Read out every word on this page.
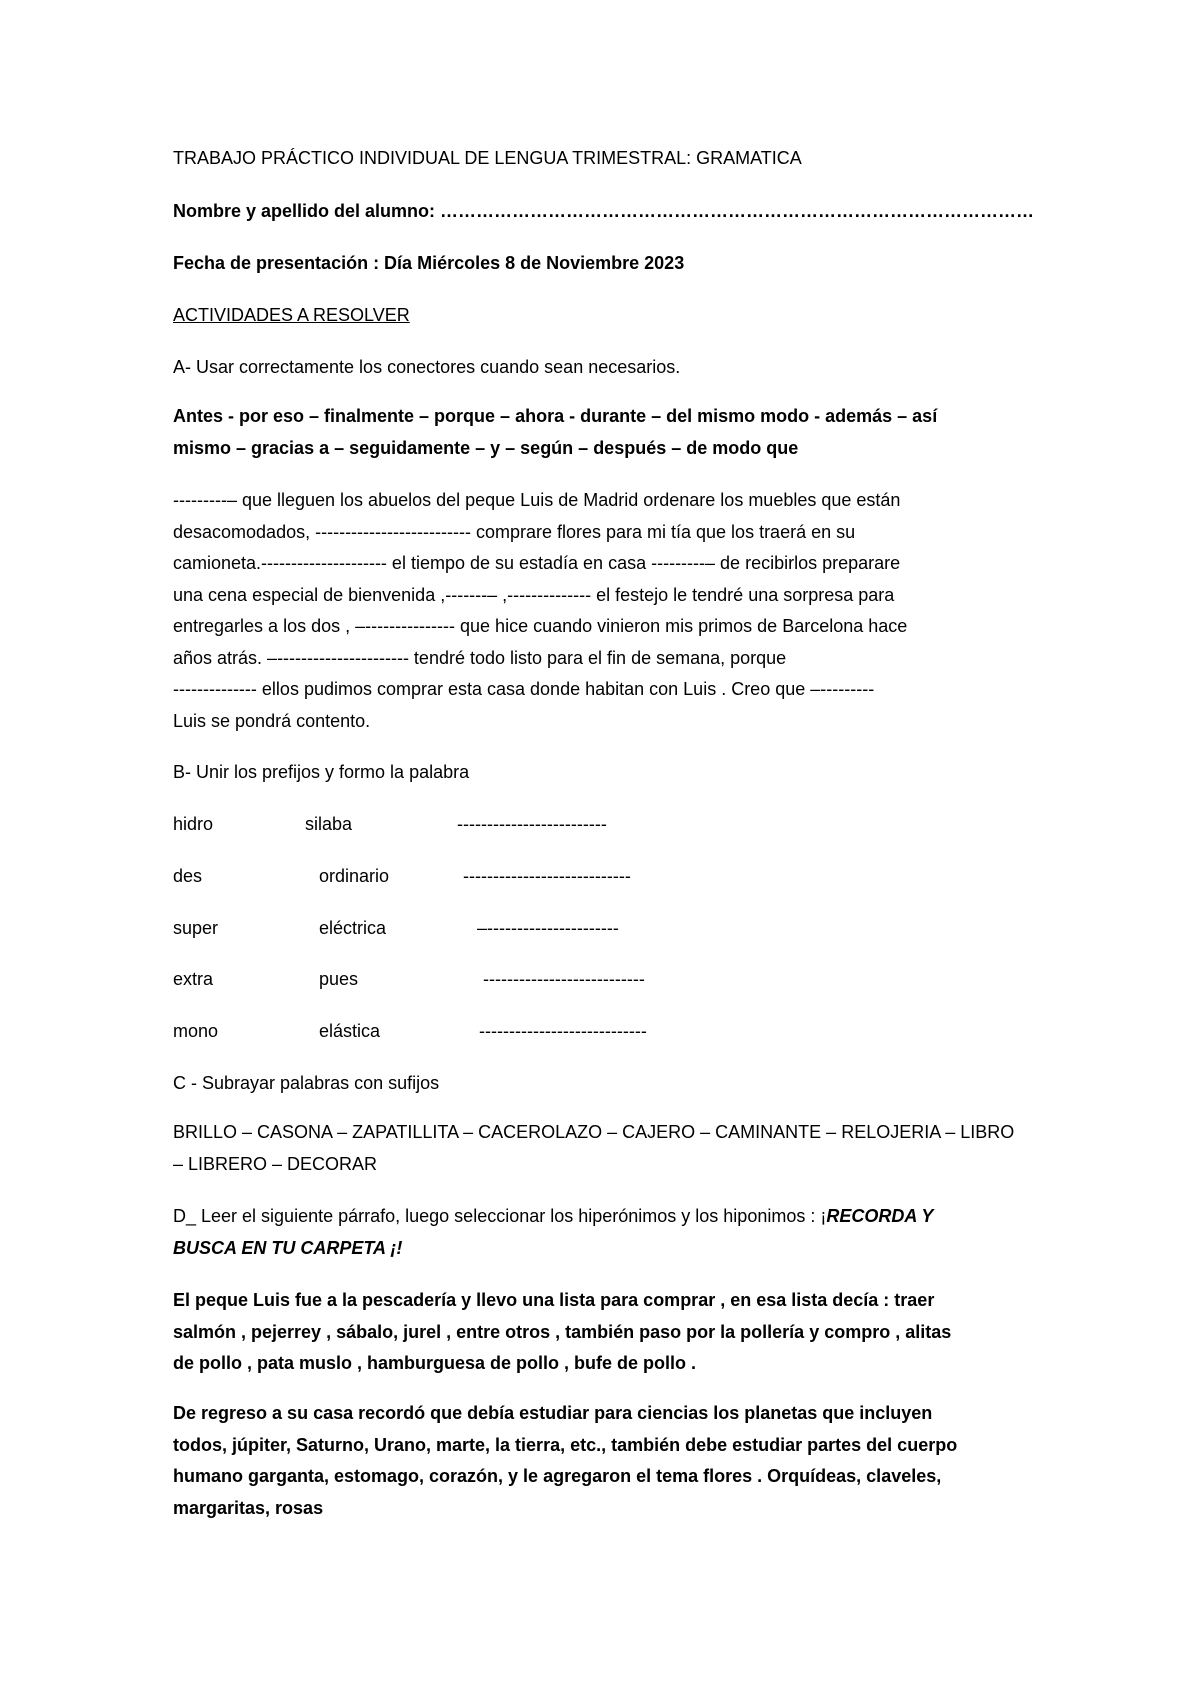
TRABAJO PRÁCTICO INDIVIDUAL DE LENGUA TRIMESTRAL: GRAMATICA
Nombre y apellido del alumno: ………………………………………………………………………………………
Fecha de presentación : Día Miércoles 8 de Noviembre 2023
ACTIVIDADES A RESOLVER
A- Usar correctamente los conectores cuando sean necesarios.
Antes - por eso – finalmente – porque – ahora - durante – del mismo modo - además – así
mismo – gracias a – seguidamente – y – según – después – de modo que
---------– que lleguen los abuelos del peque Luis de Madrid ordenare los muebles que están
desacomodados, -------------------------- comprare flores para mi tía que los traerá en su
camioneta.--------------------- el tiempo de su estadía en casa ---------– de recibirlos preparare
una cena especial de bienvenida ,-------– ,-------------- el festejo le tendré una sorpresa para
entregarles a los dos , –--------------- que hice cuando vinieron mis primos de Barcelona hace
años atrás. –---------------------- tendré todo listo para el fin de semana, porque
-------------- ellos pudimos comprar esta casa donde habitan con Luis . Creo que –---------
Luis se pondrá contento.
B- Unir los prefijos y formo la palabra
hidro	silaba	-------------------------
des	ordinario	----------------------------
super	eléctrica	–----------------------
extra	pues	---------------------------
mono	elástica	----------------------------
C - Subrayar palabras con sufijos
BRILLO – CASONA – ZAPATILLITA – CACEROLAZO – CAJERO – CAMINANTE – RELOJERIA – LIBRO
– LIBRERO – DECORAR
D_ Leer el siguiente párrafo, luego seleccionar los hiperónimos y los hiponimos : ¡RECORDA Y
BUSCA EN TU CARPETA ¡!
El peque Luis fue a la pescadería y llevo una lista para comprar , en esa lista decía : traer
salmón , pejerrey , sábalo, jurel , entre otros , también paso por la pollería y compro , alitas
de pollo , pata muslo , hamburguesa de pollo , bufe de pollo .
De regreso a su casa recordó que debía estudiar para ciencias los planetas que incluyen
todos, júpiter, Saturno, Urano, marte, la tierra, etc., también debe estudiar partes del cuerpo
humano garganta, estomago, corazón, y le agregaron el tema flores . Orquídeas, claveles,
margaritas, rosas
